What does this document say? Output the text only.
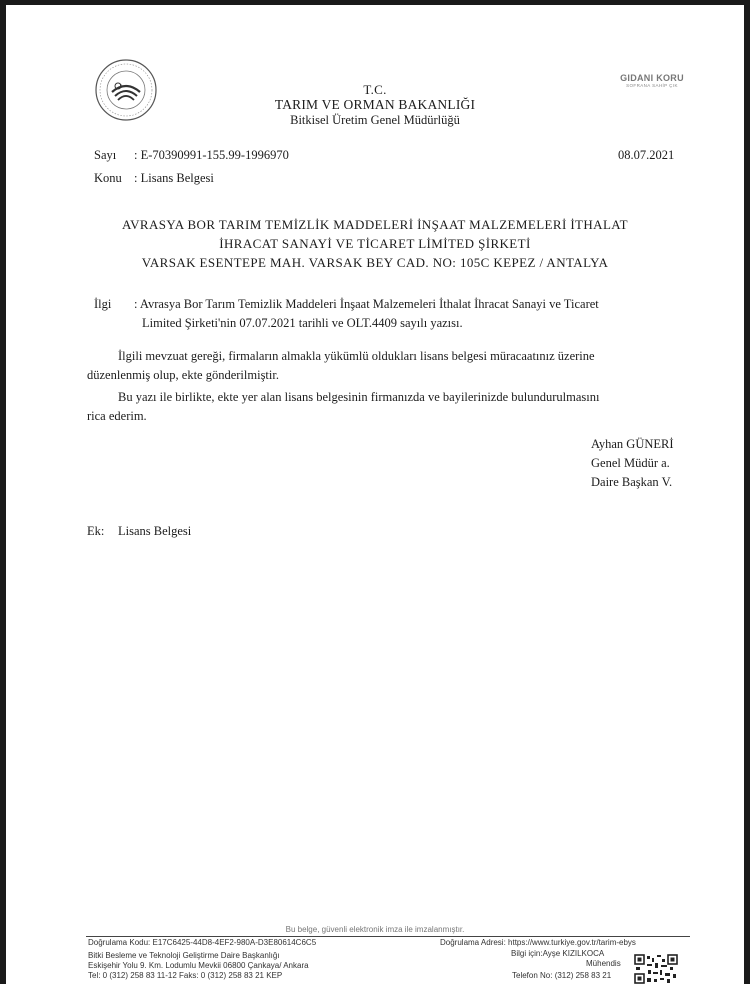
T.C.
TARIM VE ORMAN BAKANLIĞI
Bitkisel Üretim Genel Müdürlüğü
GIDANI KORU
SOFRANA SAHİP ÇIK
Sayı : E-70390991-155.99-1996970	08.07.2021
Konu : Lisans Belgesi
AVRASYA BOR TARIM TEMİZLİK MADDELERİ İNŞAAT MALZEMELERİ İTHALAT
İHRACAT SANAYİ VE TİCARET LİMİTED ŞİRKETİ
VARSAK ESENTEPE MAH. VARSAK BEY CAD. NO: 105C KEPEZ / ANTALYA
İlgi : Avrasya Bor Tarım Temizlik Maddeleri İnşaat Malzemeleri İthalat İhracat Sanayi ve Ticaret
Limited Şirketi'nin 07.07.2021 tarihli ve OLT.4409 sayılı yazısı.
İlgili mevzuat gereği, firmaların almakla yükümlü oldukları lisans belgesi müracaatınız üzerine
düzenlenmiş olup, ekte gönderilmiştir.
Bu yazı ile birlikte, ekte yer alan lisans belgesinin firmanızda ve bayilerinizde bulundurulmasını
rica ederim.
Ayhan GÜNERİ
Genel Müdür a.
Daire Başkan V.
Ek: Lisans Belgesi
Bu belge, güvenli elektronik imza ile imzalanmıştır.
Doğrulama Kodu: E17C6425-44D8-4EF2-980A-D3E80614C6C5	Doğrulama Adresi: https://www.turkiye.gov.tr/tarim-ebys
Bitki Besleme ve Teknoloji Geliştirme Daire Başkanlığı
Eskişehir Yolu 9. Km. Lodumlu Mevkii 06800 Çankaya/ Ankara
Tel: 0 (312) 258 83 11-12 Faks: 0 (312) 258 83 21 KEP
Bilgi için:Ayşe KIZILKOCA
Mühendis
Telefon No: (312) 258 83 21
